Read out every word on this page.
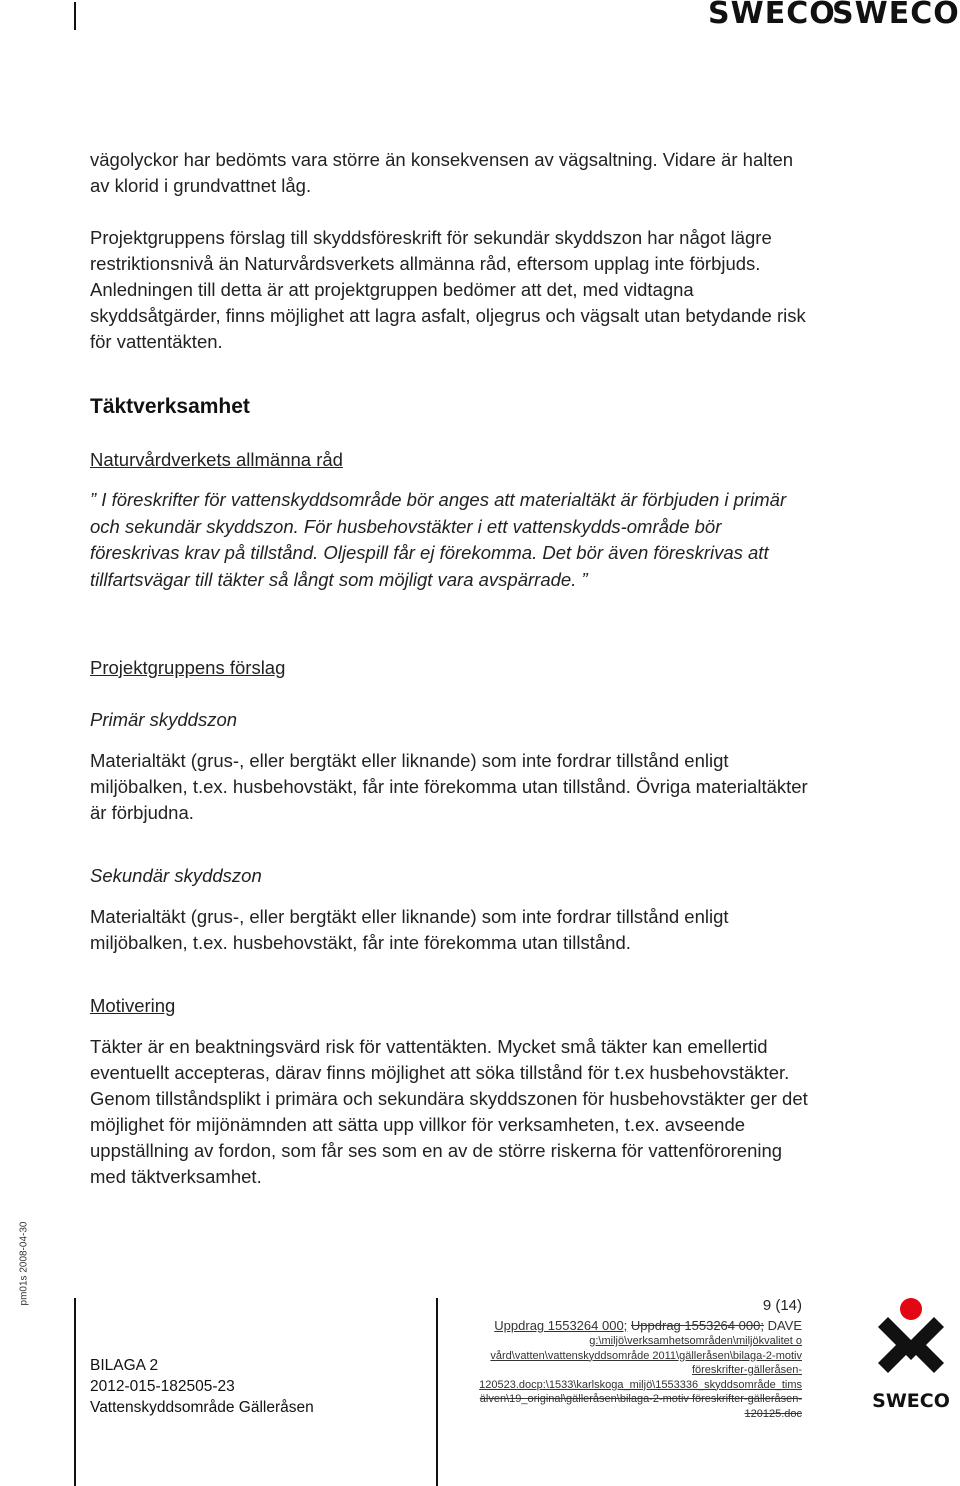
SWECO
SWECO

vägolyckor har bedömts vara större än konsekvensen av vägsaltning. Vidare är halten av klorid i grundvattnet låg.

Projektgruppens förslag till skyddsföreskrift för sekundär skyddszon har något lägre restriktionsnivå än Naturvårdsverkets allmänna råd, eftersom upplag inte förbjuds. Anledningen till detta är att projektgruppen bedömer att det, med vidtagna skyddsåtgärder, finns möjlighet att lagra asfalt, oljegrus och vägsalt utan betydande risk för vattentäkten.

Täktverksamhet
Naturvårdverkets allmänna råd
” I föreskrifter för vattenskyddsområde bör anges att materialtäkt är förbjuden i primär och sekundär skyddszon. För husbehovstäkter i ett vattenskydds-område bör föreskrivas krav på tillstånd. Oljespill får ej förekomma. Det bör även föreskrivas att tillfartsvägar till täkter så långt som möjligt vara avspärrade. ”
Projektgruppens förslag
Primär skyddszon

Materialtäkt (grus-, eller bergtäkt eller liknande) som inte fordrar tillstånd enligt miljöbalken, t.ex. husbehovstäkt, får inte förekomma utan tillstånd. Övriga materialtäkter är förbjudna.

Sekundär skyddszon

Materialtäkt (grus-, eller bergtäkt eller liknande) som inte fordrar tillstånd enligt miljöbalken, t.ex. husbehovstäkt, får inte förekomma utan tillstånd.

Motivering

Täkter är en beaktningsvärd risk för vattentäkten. Mycket små täkter kan emellertid eventuellt accepteras, därav finns möjlighet att söka tillstånd för t.ex husbehovstäkter. Genom tillståndsplikt i primära och sekundära skyddszonen för husbehovstäkter ger det möjlighet för mijönämnden att sätta upp villkor för verksamheten, t.ex. avseende uppställning av fordon, som får ses som en av de större riskerna för vattenförorening med täktverksamhet.

pm01s 2008-04-30
9 (14)
BILAGA 2
2012-015-182505-23
Vattenskyddsområde Gälleråsen
Uppdrag 1553264 000; Uppdrag 1553264 000; DAVE
g:\miljö\verksamhetsområden\miljökvalitet o vård\vatten\vattenskyddsområde 2011\gälleråsen\bilaga-2-motiv föreskrifter-gälleråsen-120523.docp:\1533\karlskoga_miljö\1553336_skyddsområde_tims
älven\19_original\gälleråsen\bilaga-2-motiv föreskrifter-gälleråsen-120125.doc
SWECO
